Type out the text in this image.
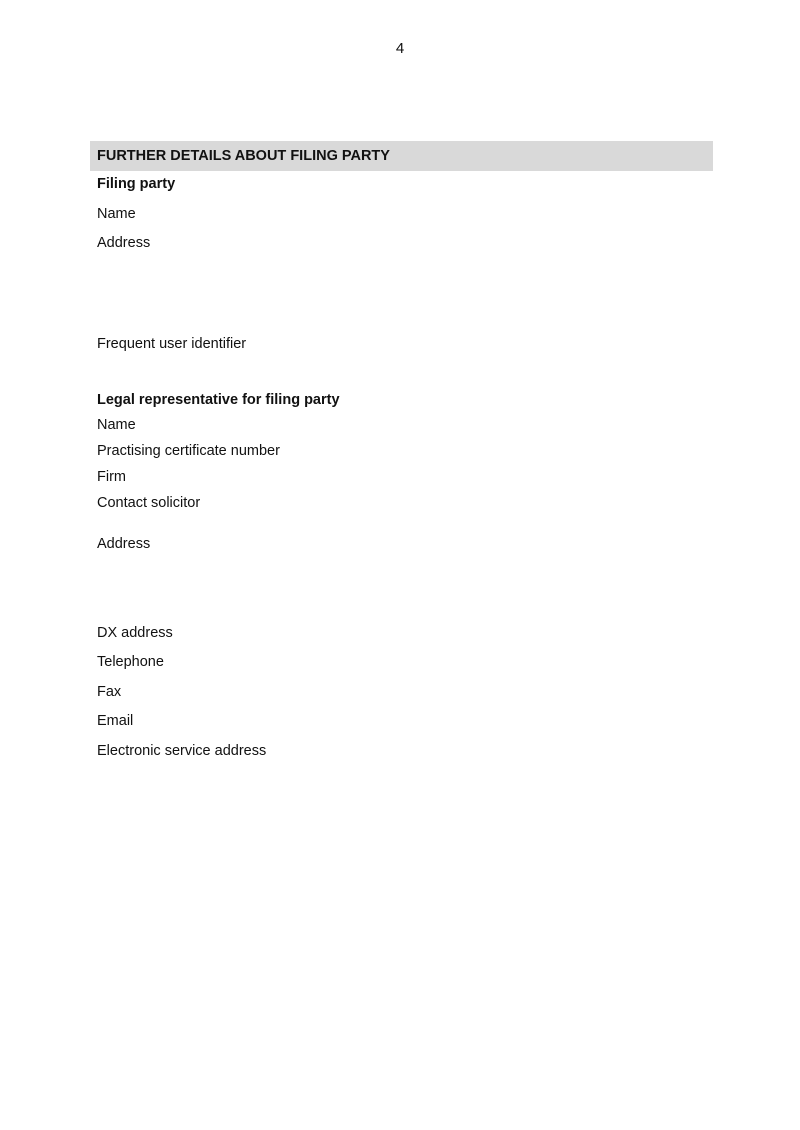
4
FURTHER DETAILS ABOUT FILING PARTY
Filing party
Name
Address
Frequent user identifier
Legal representative for filing party
Name
Practising certificate number
Firm
Contact solicitor
Address
DX address
Telephone
Fax
Email
Electronic service address
